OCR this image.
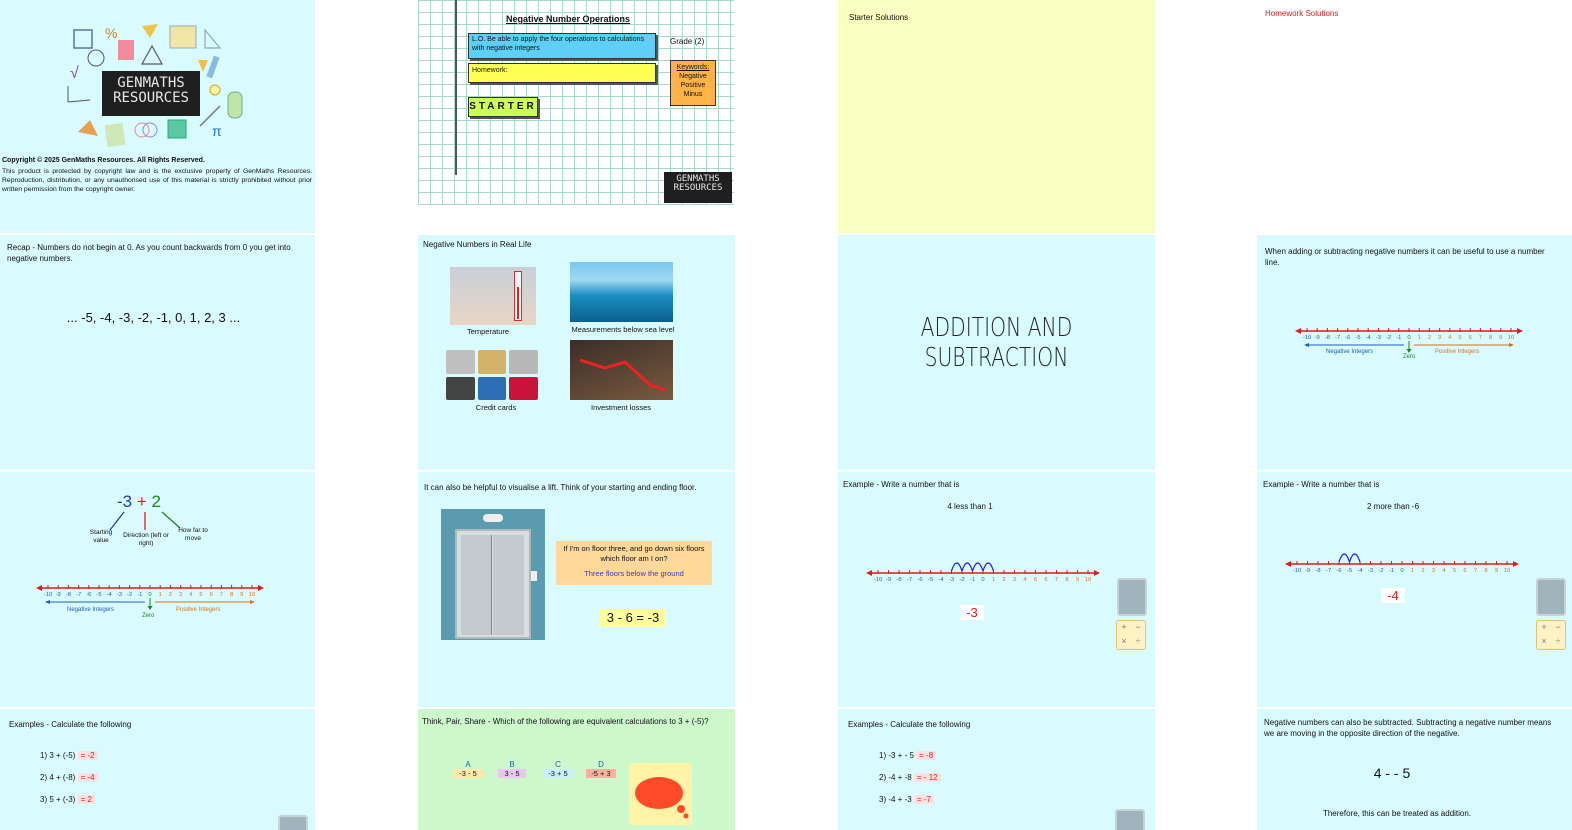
%
√
π
GENMATHS
RESOURCES
Copyright © 2025 GenMaths Resources. All Rights Reserved.
This product is protected by copyright law and is the exclusive property of GenMaths Resources. Reproduction, distribution, or any unauthorised use of this material is strictly prohibited without prior written permission from the copyright owner.
Negative Number Operations
L.O. Be able to apply the four operations to calculations with negative integers
Grade (2)
Homework:	Keywords:
Negative
Positive
Minus
STARTER
GENMATHS
RESOURCES
Starter Solutions	Homework Solutions
Recap - Numbers do not begin at 0. As you count backwards from 0 you get into negative numbers.
... -5, -4, -3, -2, -1, 0, 1, 2, 3 ...
Negative Numbers in Real Life
Temperature	Measurements below sea level
Credit cards	Investment losses
ADDITION AND SUBTRACTION
When adding or subtracting negative numbers it can be useful to use a number line.
-10 -9 -8 -7 -6 -5 -4 -3 -2 -1 0 1 2 3 4 5 6 7 8 9 10
Negative Integers
Zero
Positive Integers
-3 + 2
Starting value
Direction (left or right)
How far to move
-10 -9 -8 -7 -6 -5 -4 -3 -2 -1 0 1 2 3 4 5 6 7 8 9 10
Negative Integers
Zero
Positive Integers
It can also be helpful to visualise a lift. Think of your starting and ending floor.
If I'm on floor three, and go down six floors which floor am I on?
Three floors below the ground
3 - 6 = -3
Example - Write a number that is
4 less than 1
-10 -9 -8 -7 -6 -5 -4 -3 -2 -1 0 1 2 3 4 5 6 7 8 9 10
-3
+ −
× ÷
Example - Write a number that is
2 more than -6
-10 -9 -8 -7 -6 -5 -4 -3 -2 -1 0 1 2 3 4 5 6 7 8 9 10
-4
+ −
× ÷
Examples - Calculate the following
1) 3 + (-5) = -2
2) 4 + (-8) = -4
3) 5 + (-3) = 2
Think, Pair, Share - Which of the following are equivalent calculations to 3 + (-5)?
A
-3 - 5
B
3 - 5
C
-3 + 5
D
-5 + 3
Examples - Calculate the following
1) -3 + - 5 = -8
2) -4 + -8 = - 12
3) -4 + -3 = -7
Negative numbers can also be subtracted. Subtracting a negative number means we are moving in the opposite direction of the negative.
4 - - 5
Therefore, this can be treated as addition.
